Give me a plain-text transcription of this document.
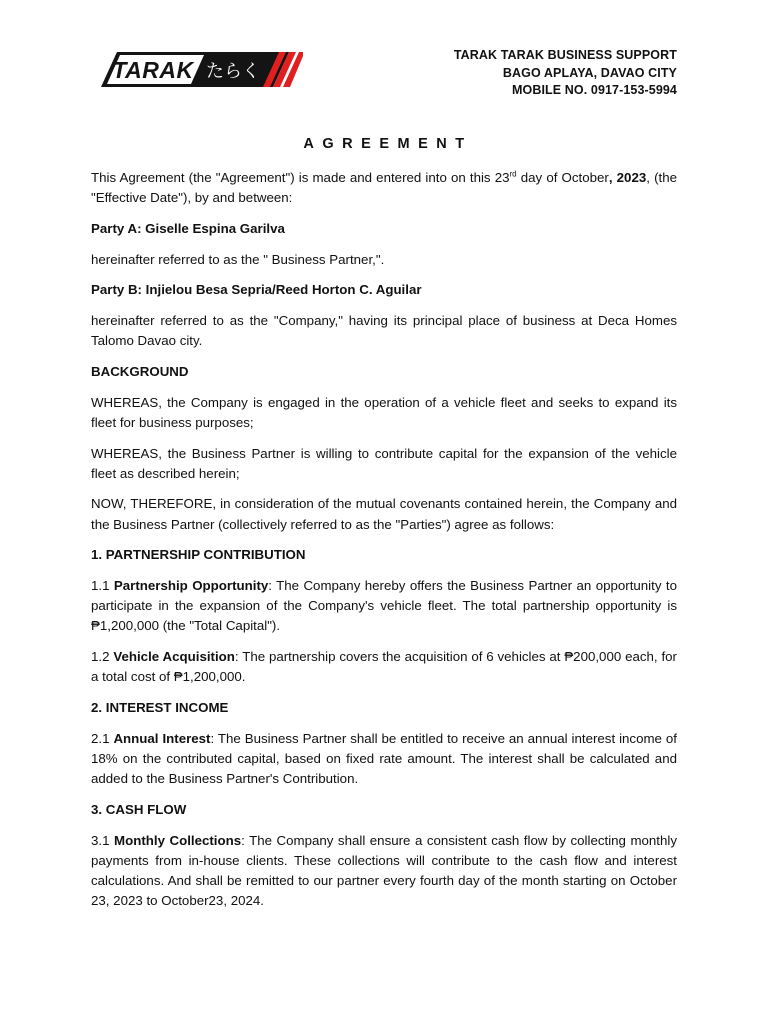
TARAK たらく
TARAK TARAK BUSINESS SUPPORT
BAGO APLAYA, DAVAO CITY
MOBILE NO. 0917-153-5994
AGREEMENT

This Agreement (the "Agreement") is made and entered into on this 23rd day of October, 2023, (the "Effective Date"), by and between:

Party A: Giselle Espina Garilva

hereinafter referred to as the " Business Partner,".

Party B: Injielou Besa Sepria/Reed Horton C. Aguilar

hereinafter referred to as the "Company," having its principal place of business at Deca Homes Talomo Davao city.

BACKGROUND

WHEREAS, the Company is engaged in the operation of a vehicle fleet and seeks to expand its fleet for business purposes;

WHEREAS, the Business Partner is willing to contribute capital for the expansion of the vehicle fleet as described herein;

NOW, THEREFORE, in consideration of the mutual covenants contained herein, the Company and the Business Partner (collectively referred to as the "Parties") agree as follows:

1. PARTNERSHIP CONTRIBUTION

1.1 Partnership Opportunity: The Company hereby offers the Business Partner an opportunity to participate in the expansion of the Company's vehicle fleet. The total partnership opportunity is ₱1,200,000 (the "Total Capital").

1.2 Vehicle Acquisition: The partnership covers the acquisition of 6 vehicles at ₱200,000 each, for a total cost of ₱1,200,000.

2. INTEREST INCOME

2.1 Annual Interest: The Business Partner shall be entitled to receive an annual interest income of 18% on the contributed capital, based on fixed rate amount. The interest shall be calculated and added to the Business Partner's Contribution.

3. CASH FLOW

3.1 Monthly Collections: The Company shall ensure a consistent cash flow by collecting monthly payments from in-house clients. These collections will contribute to the cash flow and interest calculations. And shall be remitted to our partner every fourth day of the month starting on October 23, 2023 to October23, 2024.
